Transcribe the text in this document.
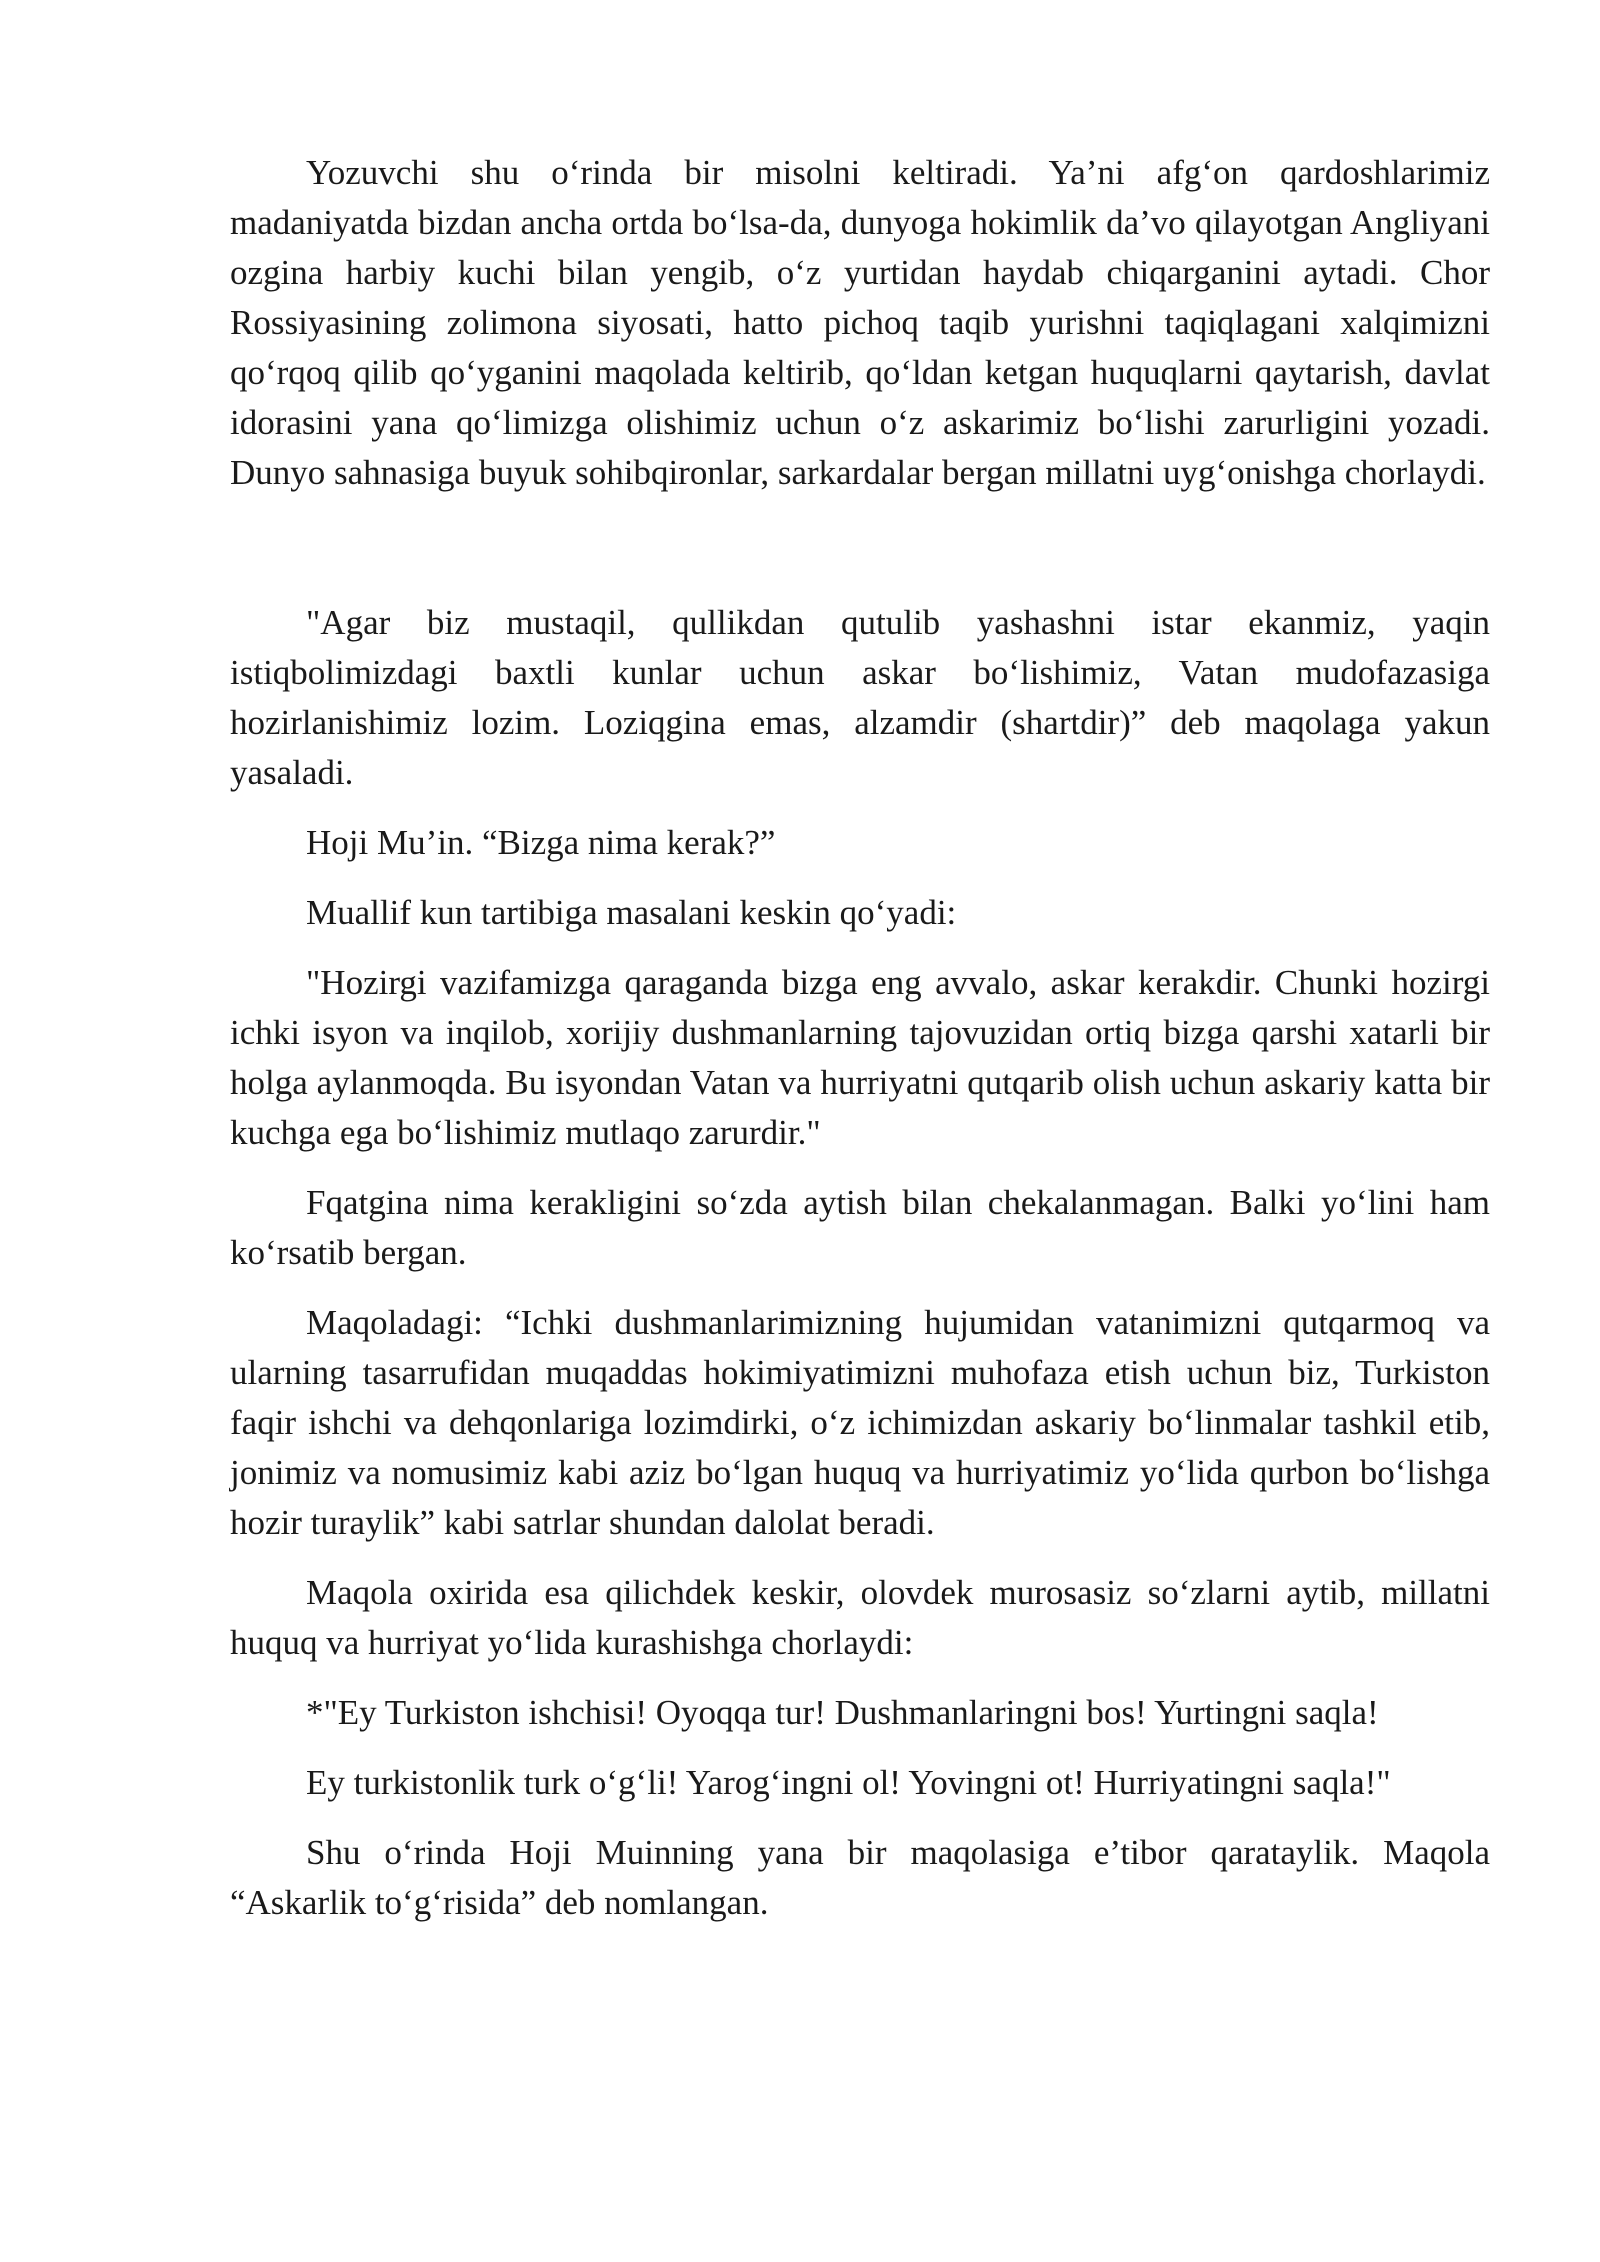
Yozuvchi shu o‘rinda bir misolni keltiradi. Ya’ni afg‘on qardoshlarimiz madaniyatda bizdan ancha ortda bo‘lsa-da, dunyoga hokimlik da’vo qilayotgan Angliyani ozgina harbiy kuchi bilan yengib, o‘z yurtidan haydab chiqarganini aytadi. Chor Rossiyasining zolimona siyosati, hatto pichoq taqib yurishni taqiqlagani xalqimizni qo‘rqoq qilib qo‘yganini maqolada keltirib, qo‘ldan ketgan huquqlarni qaytarish, davlat idorasini yana qo‘limizga olishimiz uchun o‘z askarimiz bo‘lishi zarurligini yozadi. Dunyo sahnasiga buyuk sohibqironlar, sarkardalar bergan millatni uyg‘onishga chorlaydi.

"Agar biz mustaqil, qullikdan qutulib yashashni istar ekanmiz, yaqin istiqbolimizdagi baxtli kunlar uchun askar bo‘lishimiz, Vatan mudofazasiga hozirlanishimiz lozim. Loziqgina emas, alzamdir (shartdir)” deb maqolaga yakun yasaladi.

Hoji Mu’in. “Bizga nima kerak?”

Muallif kun tartibiga masalani keskin qo‘yadi:

"Hozirgi vazifamizga qaraganda bizga eng avvalo, askar kerakdir. Chunki hozirgi ichki isyon va inqilob, xorijiy dushmanlarning tajovuzidan ortiq bizga qarshi xatarli bir holga aylanmoqda. Bu isyondan Vatan va hurriyatni qutqarib olish uchun askariy katta bir kuchga ega bo‘lishimiz mutlaqo zarurdir."

Fqatgina nima kerakligini so‘zda aytish bilan chekalanmagan. Balki yo‘lini ham ko‘rsatib bergan.

Maqoladagi: “Ichki dushmanlarimizning hujumidan vatanimizni qutqarmoq va ularning tasarrufidan muqaddas hokimiyatimizni muhofaza etish uchun biz, Turkiston faqir ishchi va dehqonlariga lozimdirki, o‘z ichimizdan askariy bo‘linmalar tashkil etib, jonimiz va nomusimiz kabi aziz bo‘lgan huquq va hurriyatimiz yo‘lida qurbon bo‘lishga hozir turaylik” kabi satrlar shundan dalolat beradi.

Maqola oxirida esa qilichdek keskir, olovdek murosasiz so‘zlarni aytib, millatni huquq va hurriyat yo‘lida kurashishga chorlaydi:

*"Ey Turkiston ishchisi! Oyoqqa tur! Dushmanlaringni bos! Yurtingni saqla!

Ey turkistonlik turk o‘g‘li! Yarog‘ingni ol! Yovingni ot! Hurriyatingni saqla!"

Shu o‘rinda Hoji Muinning yana bir maqolasiga e’tibor qarataylik. Maqola “Askarlik to‘g‘risida” deb nomlangan.
